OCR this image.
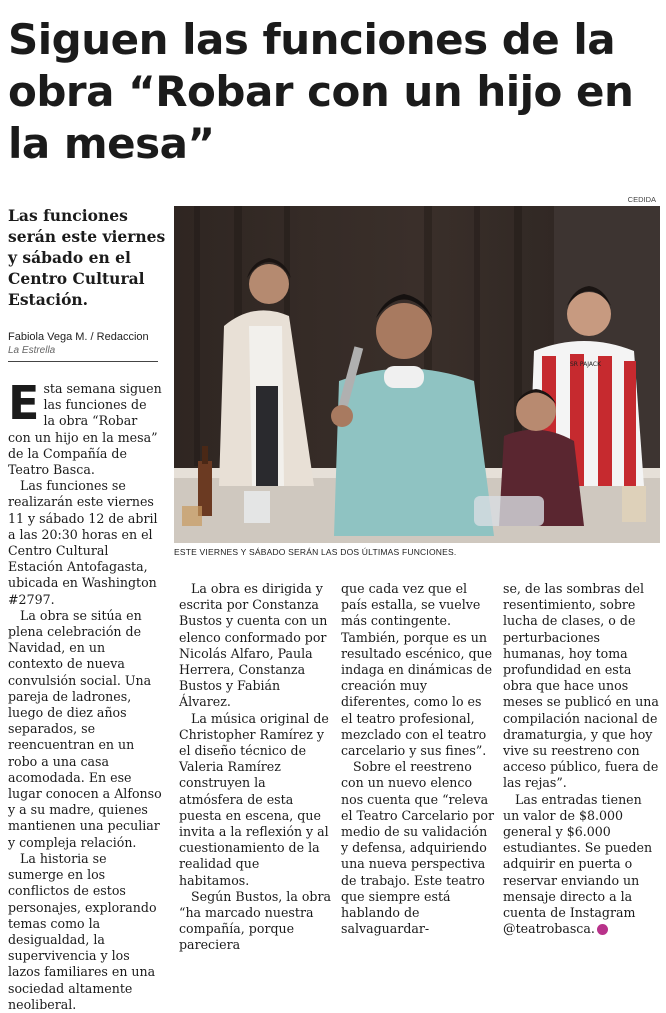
Siguen las funciones de la
obra “Robar con un hijo en
la mesa”
Las funciones
serán este viernes
y sábado en el
Centro Cultural
Estación.
Fabiola Vega M. / Redaccion
La Estrella
CEDIDA
SR PAJACK
ESTE VIERNES Y SÁBADO SERÁN LAS DOS ÚLTIMAS FUNCIONES.

Esta semana siguen las funciones de la obra “Robar con un hijo en la mesa” de la Compañía de Teatro Basca.

Las funciones se realizarán este viernes 11 y sábado 12 de abril a las 20:30 horas en el Centro Cultural Estación Antofagasta, ubicada en Washington #2797.

La obra se sitúa en plena celebración de Navidad, en un contexto de nueva convulsión social. Una pareja de ladrones, luego de diez años separados, se reencuentran en un robo a una casa acomodada. En ese lugar conocen a Alfonso y a su madre, quienes mantienen una peculiar y compleja relación.

La historia se sumerge en los conflictos de estos personajes, explorando temas como la desigualdad, la supervivencia y los lazos familiares en una sociedad altamente neoliberal.

La obra es dirigida y escrita por Constanza Bustos y cuenta con un elenco conformado por Nicolás Alfaro, Paula Herrera, Constanza Bustos y Fabián Álvarez.

La música original de Christopher Ramírez y el diseño técnico de Valeria Ramírez construyen la atmósfera de esta puesta en escena, que invita a la reflexión y al cuestionamiento de la realidad que habitamos.

Según Bustos, la obra “ha marcado nuestra compañía, porque pareciera

que cada vez que el país estalla, se vuelve más contingente. También, porque es un resultado escénico, que indaga en dinámicas de creación muy diferentes, como lo es el teatro profesional, mezclado con el teatro carcelario y sus fines”.

Sobre el reestreno con un nuevo elenco nos cuenta que “releva el Teatro Carcelario por medio de su validación y defensa, adquiriendo una nueva perspectiva de trabajo. Este teatro que siempre está hablando de salvaguardar-

se, de las sombras del resentimiento, sobre lucha de clases, o de perturbaciones humanas, hoy toma profundidad en esta obra que hace unos meses se publicó en una compilación nacional de dramaturgia, y que hoy vive su reestreno con acceso público, fuera de las rejas”.

Las entradas tienen un valor de $8.000 general y $6.000 estudiantes. Se pueden adquirir en puerta o reservar enviando un mensaje directo a la cuenta de Instagram @teatrobasca. ✪
